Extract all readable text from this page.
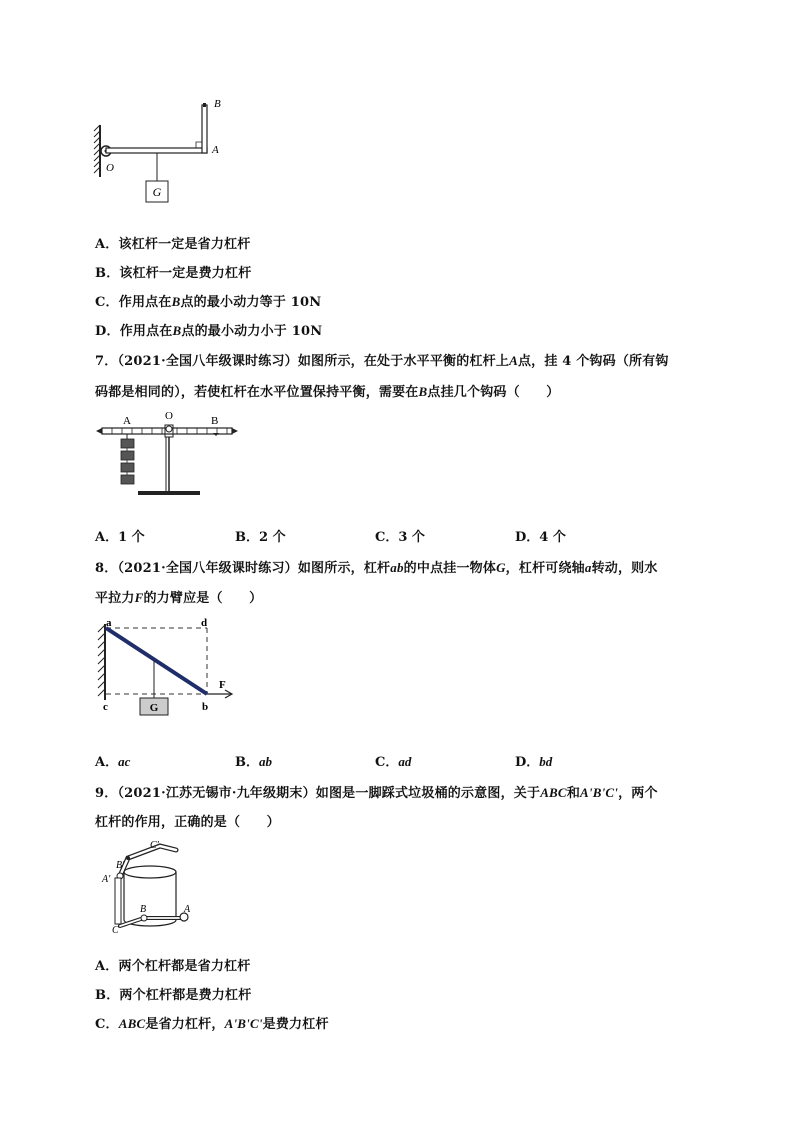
G
B
A
O
A．该杠杆一定是省力杠杆
B．该杠杆一定是费力杠杆
C．作用点在B点的最小动力等于 10N
D．作用点在B点的最小动力小于 10N
7．（2021·全国八年级课时练习）如图所示，在处于水平平衡的杠杆上A点，挂 4 个钩码（所有钩
码都是相同的），若使杠杆在水平位置保持平衡，需要在B点挂几个钩码（　　）
A	O	B
A．1 个	B．2 个	C．3 个	D．4 个
8．（2021·全国八年级课时练习）如图所示，杠杆ab的中点挂一物体G，杠杆可绕轴a转动，则水
平拉力F的力臂应是（　　）
G
a	d
c	b
F
A．ac	B．ab	C．ad	D．bd
9．（2021·江苏无锡市·九年级期末）如图是一脚踩式垃圾桶的示意图，关于ABC和A'B'C'，两个
杠杆的作用，正确的是（　　）
C'
B'
A'
B	A
C
A．两个杠杆都是省力杠杆
B．两个杠杆都是费力杠杆
C．ABC是省力杠杆，A'B'C'是费力杠杆
